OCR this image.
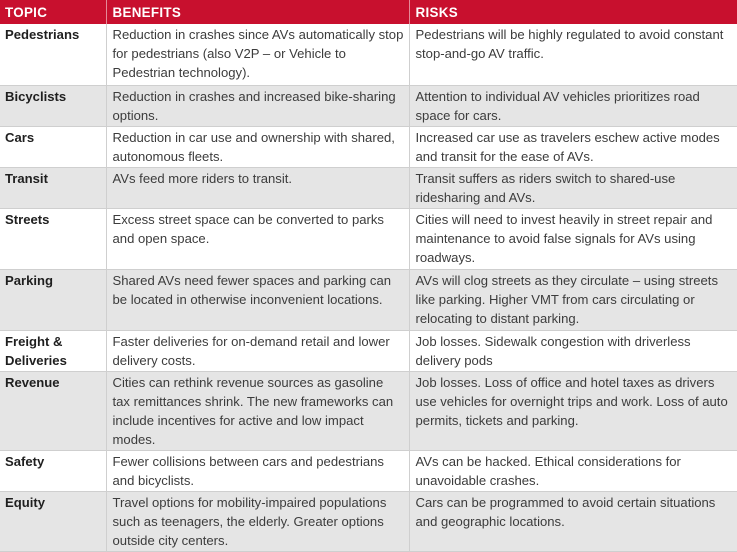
TOPIC	BENEFITS	RISKS
Pedestrians	Reduction in crashes since AVs automatically stop for pedestrians (also V2P – or Vehicle to Pedestrian technology).	Pedestrians will be highly regulated to avoid constant stop-and-go AV traffic.
Bicyclists	Reduction in crashes and increased bike-sharing options.	Attention to individual AV vehicles prioritizes road space for cars.
Cars	Reduction in car use and ownership with shared, autonomous fleets.	Increased car use as travelers eschew active modes and transit for the ease of AVs.
Transit	AVs feed more riders to transit.	Transit suffers as riders switch to shared-use ridesharing and AVs.
Streets	Excess street space can be converted to parks and open space.	Cities will need to invest heavily in street repair and maintenance to avoid false signals for AVs using roadways.
Parking	Shared AVs need fewer spaces and parking can be located in otherwise inconvenient locations.	AVs will clog streets as they circulate – using streets like parking. Higher VMT from cars circulating or relocating to distant parking.
Freight & Deliveries	Faster deliveries for on-demand retail and lower delivery costs.	Job losses. Sidewalk congestion with driverless delivery pods
Revenue	Cities can rethink revenue sources as gasoline tax remittances shrink. The new frameworks can include incentives for active and low impact modes.	Job losses. Loss of office and hotel taxes as drivers use vehicles for overnight trips and work. Loss of auto permits, tickets and parking.
Safety	Fewer collisions between cars and pedestrians and bicyclists.	AVs can be hacked. Ethical considerations for unavoidable crashes.
Equity	Travel options for mobility-impaired populations such as teenagers, the elderly. Greater options outside city centers.	Cars can be programmed to avoid certain situations and geographic locations.
